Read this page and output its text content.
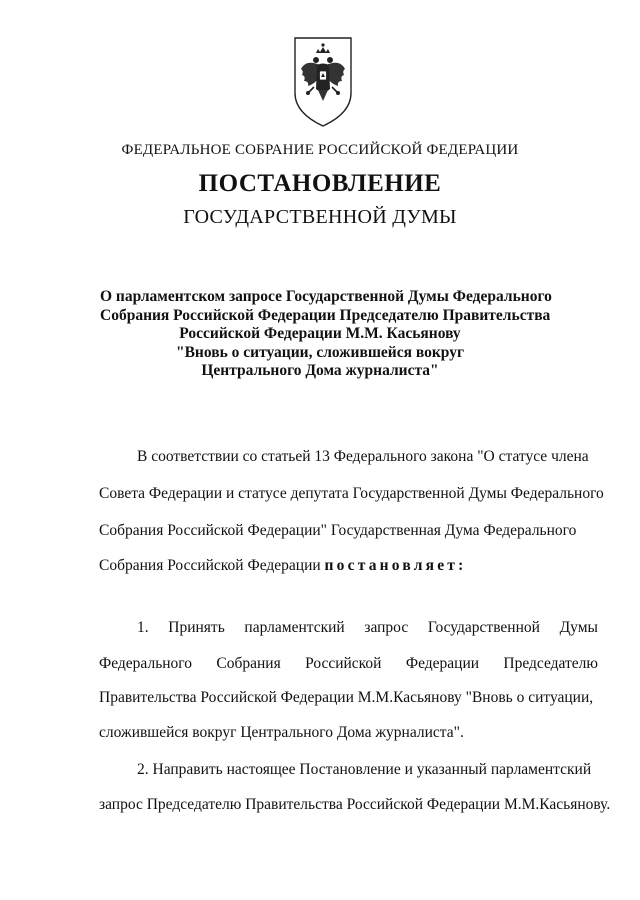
ФЕДЕРАЛЬНОЕ СОБРАНИЕ РОССИЙСКОЙ ФЕДЕРАЦИИ
ПОСТАНОВЛЕНИЕ
ГОСУДАРСТВЕННОЙ ДУМЫ
О парламентском запросе Государственной Думы Федерального
Собрания Российской Федерации Председателю Правительства
Российской Федерации М.М. Касьянову
"Вновь о ситуации, сложившейся вокруг
Центрального Дома журналиста"
В соответствии со статьей 13 Федерального закона "О статусе члена
Совета Федерации и статусе депутата Государственной Думы Федерального
Собрания Российской Федерации" Государственная Дума Федерального
Собрания Российской Федерации постановляет:
1. Принять парламентский запрос Государственной Думы
Федерального Собрания Российской Федерации Председателю
Правительства Российской Федерации М.М.Касьянову "Вновь о ситуации,
сложившейся вокруг Центрального Дома журналиста".
2. Направить настоящее Постановление и указанный парламентский
запрос Председателю Правительства Российской Федерации М.М.Касьянову.
